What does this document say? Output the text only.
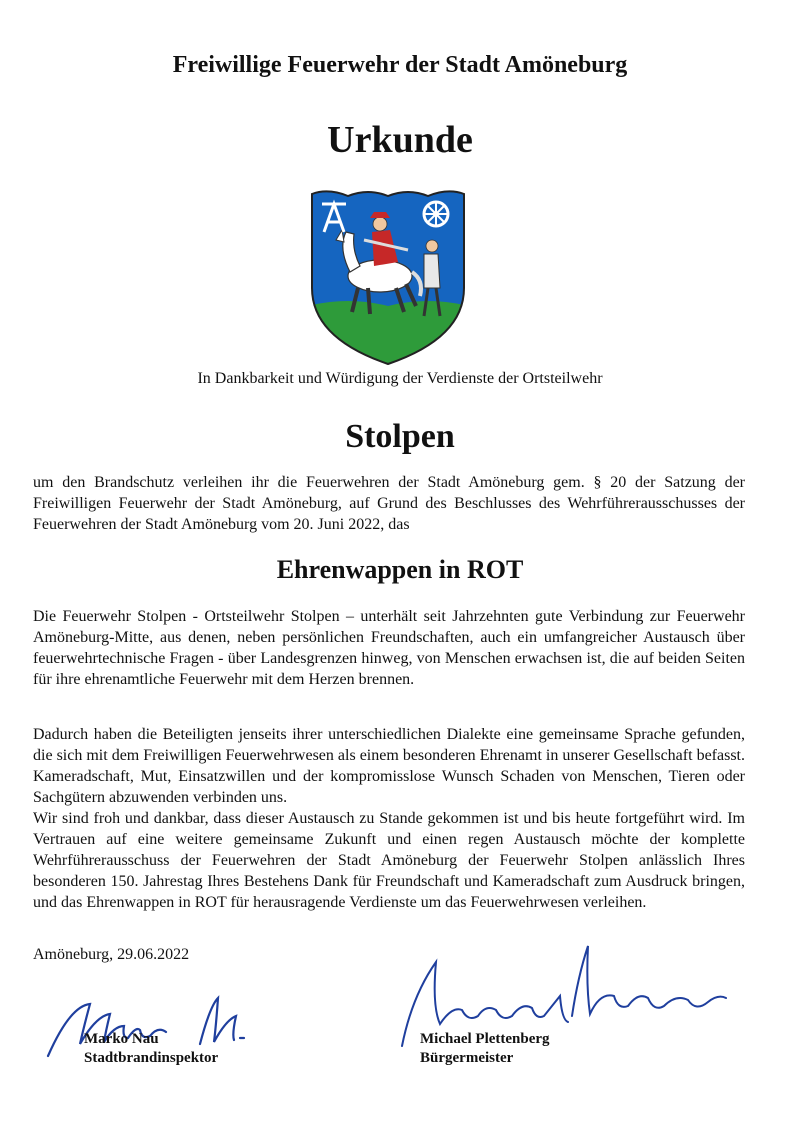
Freiwillige Feuerwehr der Stadt Amöneburg
Urkunde
In Dankbarkeit und Würdigung der Verdienste der Ortsteilwehr
Stolpen
um den Brandschutz verleihen ihr die Feuerwehren der Stadt Amöneburg gem. § 20 der Satzung der Freiwilligen Feuerwehr der Stadt Amöneburg, auf Grund des Beschlusses des Wehrführerausschusses der Feuerwehren der Stadt Amöneburg vom 20. Juni 2022, das
Ehrenwappen in ROT
Die Feuerwehr Stolpen - Ortsteilwehr Stolpen – unterhält seit Jahrzehnten gute Verbindung zur Feuerwehr Amöneburg-Mitte, aus denen, neben persönlichen Freundschaften, auch ein umfangreicher Austausch über feuerwehrtechnische Fragen - über Landesgrenzen hinweg, von Menschen erwachsen ist, die auf beiden Seiten für ihre ehrenamtliche Feuerwehr mit dem Herzen brennen.
Dadurch haben die Beteiligten jenseits ihrer unterschiedlichen Dialekte eine gemeinsame Sprache gefunden, die sich mit dem Freiwilligen Feuerwehrwesen als einem besonderen Ehrenamt in unserer Gesellschaft befasst. Kameradschaft, Mut, Einsatzwillen und der kompromisslose Wunsch Schaden von Menschen, Tieren oder Sachgütern abzuwenden verbinden uns.
Wir sind froh und dankbar, dass dieser Austausch zu Stande gekommen ist und bis heute fortgeführt wird. Im Vertrauen auf eine weitere gemeinsame Zukunft und einen regen Austausch möchte der komplette Wehrführerausschuss der Feuerwehren der Stadt Amöneburg der Feuerwehr Stolpen anlässlich Ihres besonderen 150. Jahrestag Ihres Bestehens Dank für Freundschaft und Kameradschaft zum Ausdruck bringen, und das Ehrenwappen in ROT für herausragende Verdienste um das Feuerwehrwesen verleihen.
Amöneburg, 29.06.2022
Marko Nau
Stadtbrandinspektor
Michael Plettenberg
Bürgermeister
